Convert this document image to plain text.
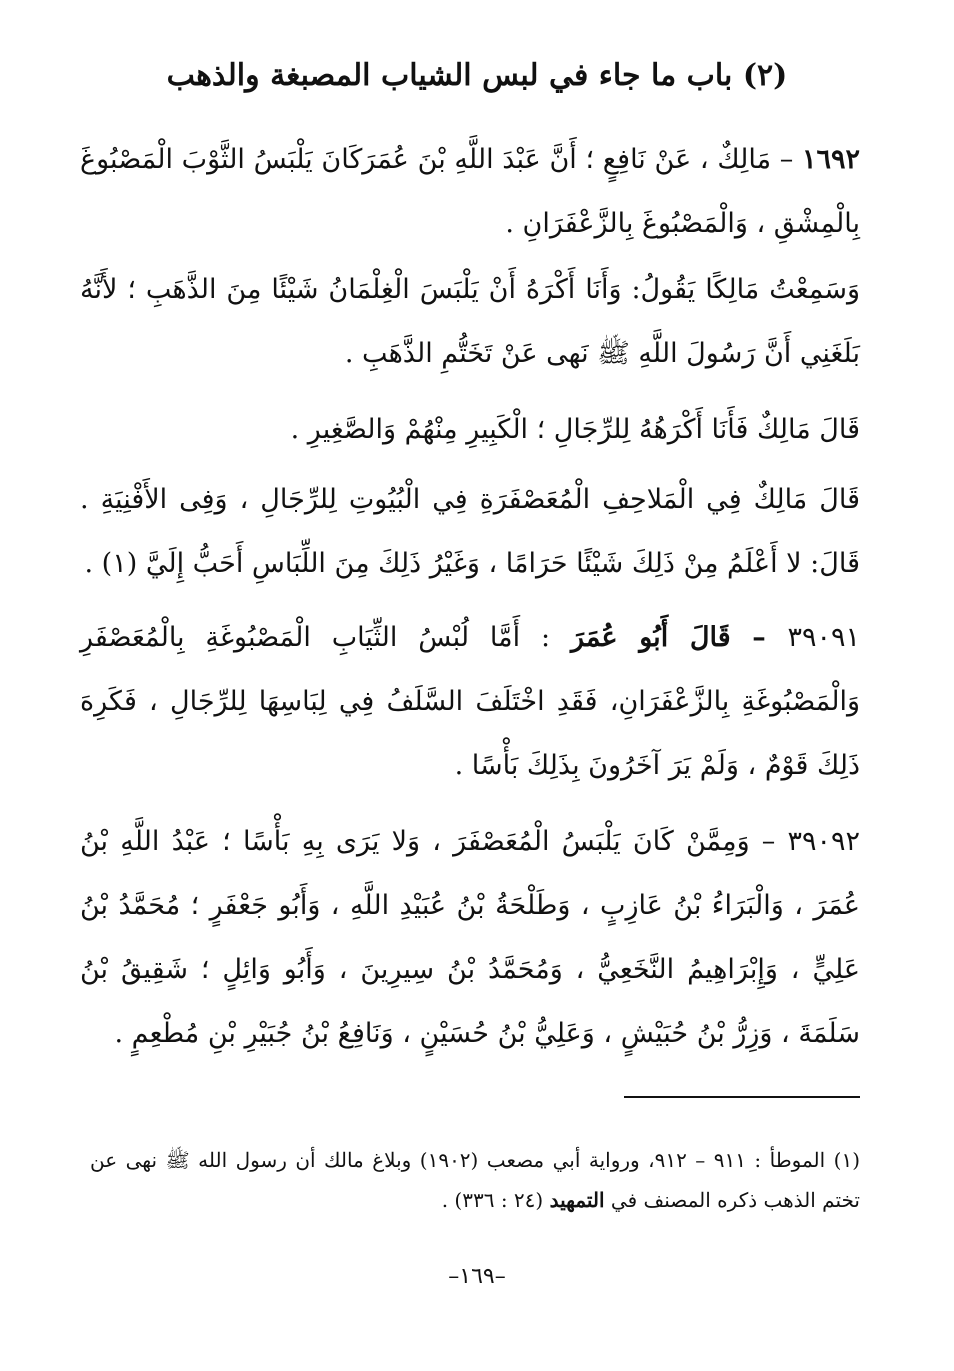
(٢) باب ما جاء في لبس الشياب المصبغة والذهب
١٦٩٢ – مَالِكٌ ، عَنْ نَافِعٍ ؛ أَنَّ عَبْدَ اللَّهِ بْنَ عُمَرَكَانَ يَلْبَسُ الثَّوْبَ الْمَصْبُوغَ بِالْمِشْقِ ، وَالْمَصْبُوغَ بِالزَّعْفَرَانِ .
وَسَمِعْتُ مَالِكًا يَقُولُ: وَأَنَا أَكْرَهُ أَنْ يَلْبَسَ الْغِلْمَانُ شَيْئًا مِنَ الذَّهَبِ ؛ لأَنَّهُ بَلَغَنِي أَنَّ رَسُولَ اللَّهِ ﷺ نَهى عَنْ تَخَتُّمِ الذَّهَبِ .
قَالَ مَالِكٌ فَأَنَا أَكْرَهُهُ لِلرِّجَالِ ؛ الْكَبِيرِ مِنْهُمْ وَالصَّغِيرِ .
قَالَ مَالِكٌ فِي الْمَلاحِفِ الْمُعَصْفَرَةِ فِي الْبُيُوتِ لِلرِّجَالِ ، وَفِى الأَفْنِيَةِ . قَالَ: لا أَعْلَمُ مِنْ ذَلِكَ شَيْئًا حَرَامًا ، وَغَيْرُ ذَلِكَ مِنَ اللِّبَاسِ أَحَبُّ إِلَيَّ (١) .
٣٩٠٩١ – قَالَ أَبُو عُمَرَ : أَمَّا لُبْسُ الثِّيَابِ الْمَصْبُوغَةِ بِالْمُعَصْفَرِ وَالْمَصْبُوغَةِ بِالزَّعْفَرَانِ، فَقَدِ اخْتَلَفَ السَّلَفُ فِي لِبَاسِهَا لِلرِّجَالِ ، فَكَرِهَ ذَلِكَ قَوْمٌ ، وَلَمْ يَرَ آخَرُونَ بِذَلِكَ بَأْسًا .
٣٩٠٩٢ – وَمِمَّنْ كَانَ يَلْبَسُ الْمُعَصْفَرَ ، وَلا يَرَى بِهِ بَأْسًا ؛ عَبْدُ اللَّهِ بْنُ عُمَرَ ، وَالْبَرَاءُ بْنُ عَازِبٍ ، وَطَلْحَةُ بْنُ عُبَيْدِ اللَّهِ ، وَأَبُو جَعْفَرٍ ؛ مُحَمَّدُ بْنُ عَلِيٍّ ، وَإِبْرَاهِيمُ النَّخَعِيُّ ، وَمُحَمَّدُ بْنُ سِيرِينَ ، وَأَبُو وَائِلٍ ؛ شَقِيقُ بْنُ سَلَمَةَ ، وَزِرُّ بْنُ حُبَيْشٍ ، وَعَلِيُّ بْنُ حُسَيْنٍ ، وَنَافِعُ بْنُ جُبَيْرِ بْنِ مُطْعِمٍ .
(١) الموطأ : ٩١١ – ٩١٢، ورواية أبي مصعب (١٩٠٢) وبلاغ مالك أن رسول الله ﷺ نهى عن تختم الذهب ذكره المصنف في التمهيد (٢٤ : ٣٣٦) .
–١٦٩–
